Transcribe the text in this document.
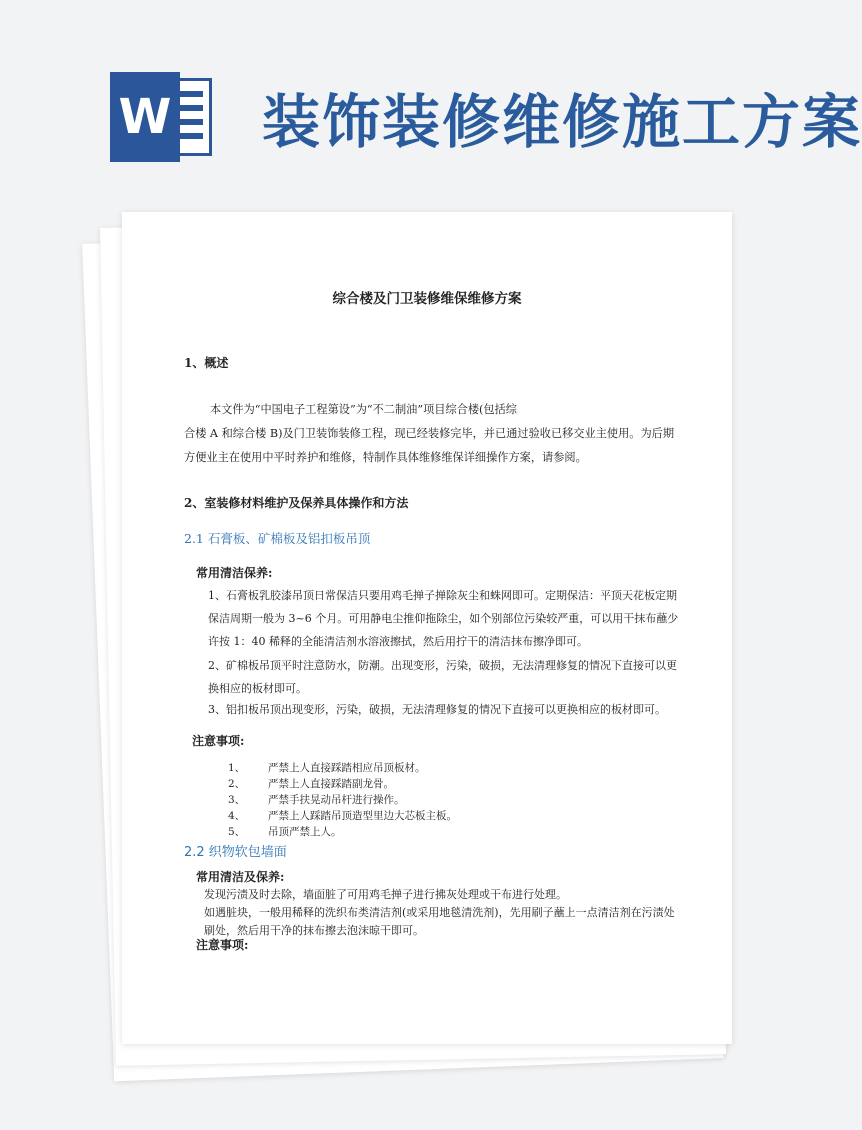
W 装饰装修维修施工方案
综合楼及门卫装修维保维修方案
1、概述
本文件为“中国电子工程第设”为“不二制油”项目综合楼(包括综
合楼 A 和综合楼 B)及门卫装饰装修工程，现已经装修完毕，并已通过验收已移交业主使用。为后期方便业主在使用中平时养护和维修，特制作具体维修维保详细操作方案，请参阅。
2、室装修材料维护及保养具体操作和方法
2.1 石膏板、矿棉板及铝扣板吊顶
常用清洁保养:
1、石膏板乳胶漆吊顶日常保洁只要用鸡毛掸子掸除灰尘和蛛网即可。定期保洁：平顶天花板定期保洁周期一般为 3~6 个月。可用静电尘推仰拖除尘，如个别部位污染较严重，可以用干抹布蘸少许按 1：40 稀释的全能清洁剂水溶液擦拭，然后用拧干的清洁抹布擦净即可。
2、矿棉板吊顶平时注意防水，防潮。出现变形，污染，破损，无法清理修复的情况下直接可以更换相应的板材即可。
3、铝扣板吊顶出现变形，污染，破损，无法清理修复的情况下直接可以更换相应的板材即可。
注意事项:
1、	严禁上人直接踩踏相应吊顶板材。
2、	严禁上人直接踩踏副龙骨。
3、	严禁手扶晃动吊杆进行操作。
4、	严禁上人踩踏吊顶造型里边大芯板主板。
5、	吊顶严禁上人。
2.2 织物软包墙面
常用清洁及保养:
发现污渍及时去除，墙面脏了可用鸡毛掸子进行拂灰处理或干布进行处理。
如遇脏块，一般用稀释的洗织布类清洁剂(或采用地毯清洗剂)，先用刷子蘸上一点清洁剂在污渍处刷处，然后用干净的抹布擦去泡沫晾干即可。
注意事项:
